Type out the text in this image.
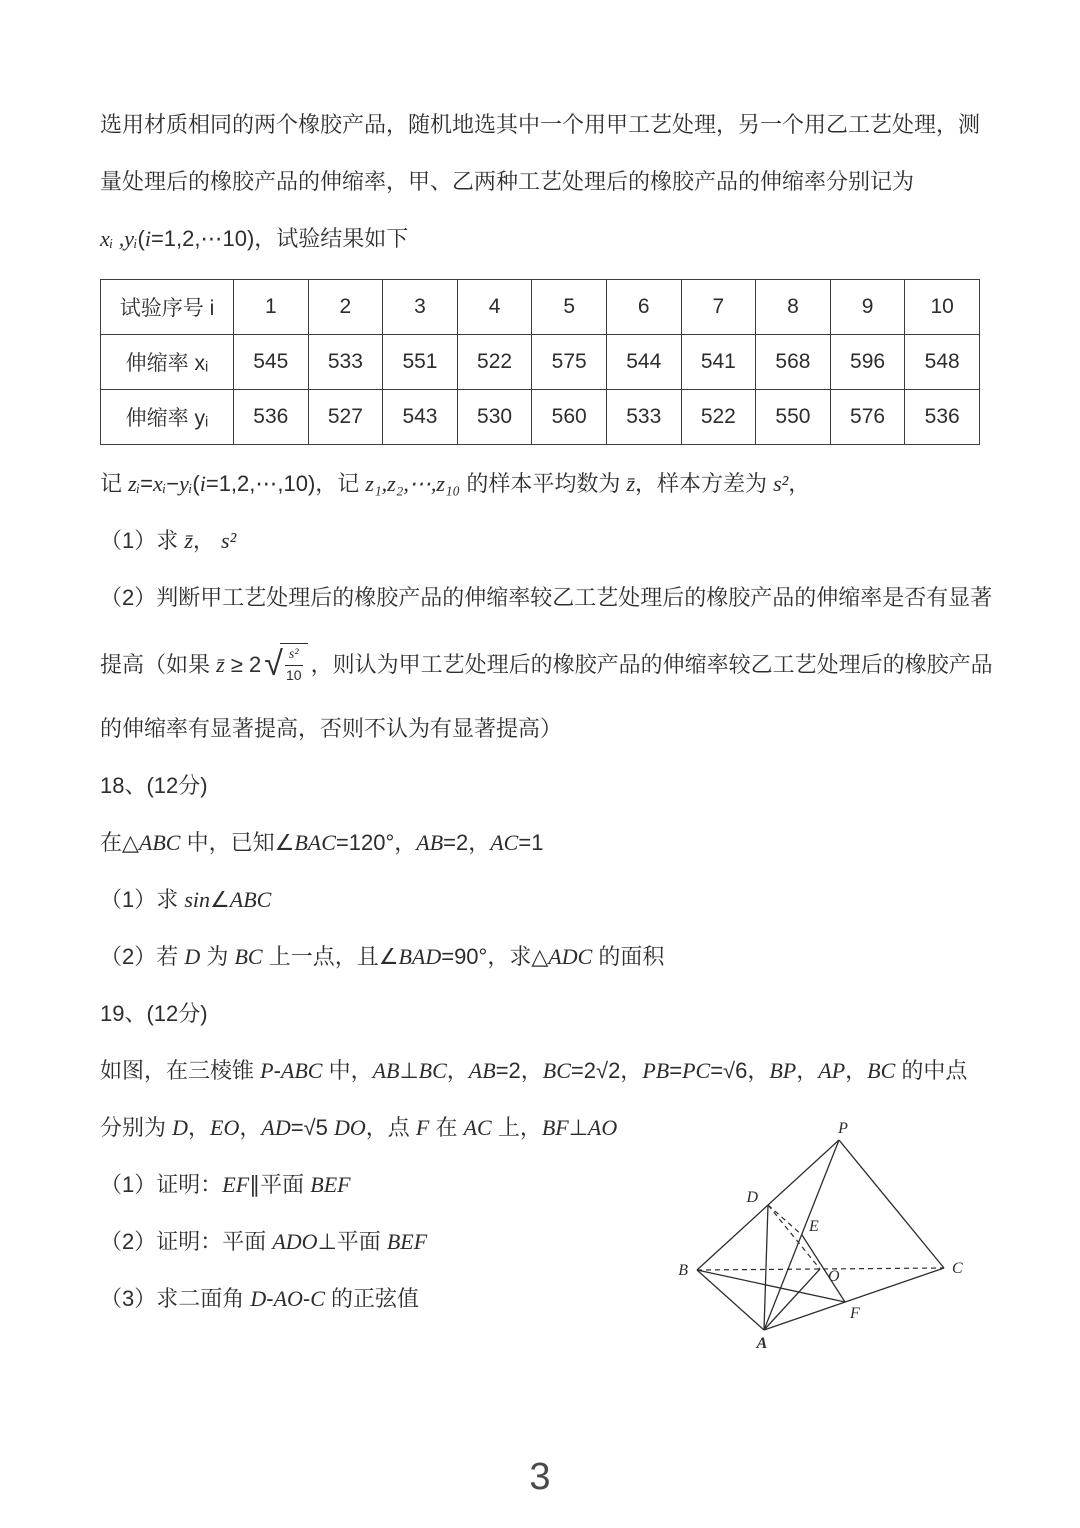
选用材质相同的两个橡胶产品，随机地选其中一个用甲工艺处理，另一个用乙工艺处理，测
量处理后的橡胶产品的伸缩率，甲、乙两种工艺处理后的橡胶产品的伸缩率分别记为
xᵢ ,yᵢ(i=1,2,⋯10)，试验结果如下
试验序号 i	1	2	3	4	5	6	7	8	9	10
伸缩率 xᵢ	545	533	551	522	575	544	541	568	596	548
伸缩率 yᵢ	536	527	543	530	560	533	522	550	576	536
记 zᵢ=xᵢ−yᵢ(i=1,2,⋯,10)，记 z₁,z₂,⋯,z₁₀ 的样本平均数为 z̄，样本方差为 s²，
（1）求 z̄， s²
（2）判断甲工艺处理后的橡胶产品的伸缩率较乙工艺处理后的橡胶产品的伸缩率是否有显著
提高（如果 z̄ ≥ 2 √
$\frac{\text{s²}}{10}$ ，则认为甲工艺处理后的橡胶产品的伸缩率较乙工艺处理后的橡胶产品
的伸缩率有显著提高，否则不认为有显著提高）
18、(12分)
在△ABC 中，已知∠BAC=120°，AB=2，AC=1
（1）求 sin∠ABC
（2）若 D 为 BC 上一点，且∠BAD=90°，求△ADC 的面积
19、(12分)
如图，在三棱锥 P-ABC 中，AB⊥BC，AB=2，BC=2√2，PB=PC=√6，BP，AP，BC 的中点
分别为 D，EO，AD=√5 DO，点 F 在 AC 上，BF⊥AO
（1）证明：EF∥平面 BEF
（2）证明：平面 ADO⊥平面 BEF
（3）求二面角 D-AO-C 的正弦值
P
B	C
A
D
E
O
F
3
